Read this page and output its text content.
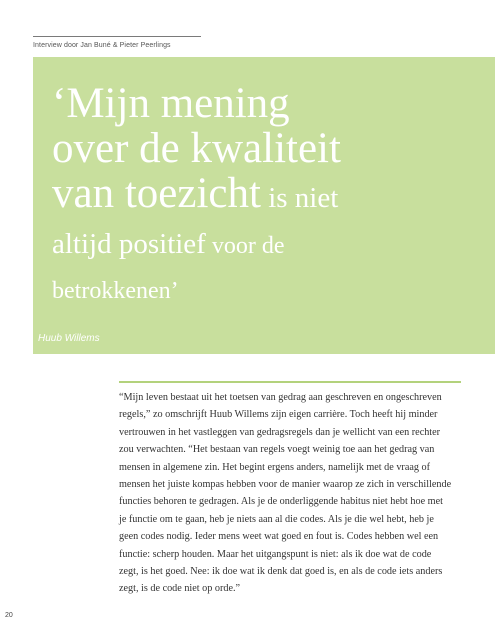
Interview door Jan Buné & Pieter Peerlings
‘Mijn mening
over de kwaliteit
van toezicht is niet
altijd positief voor de
betrokkenen’
Huub Willems
“Mijn leven bestaat uit het toetsen van gedrag aan geschreven en ongeschreven
regels,” zo omschrijft Huub Willems zijn eigen carrière. Toch heeft hij minder
vertrouwen in het vastleggen van gedragsregels dan je wellicht van een rechter
zou verwachten. “Het bestaan van regels voegt weinig toe aan het gedrag van
mensen in algemene zin. Het begint ergens anders, namelijk met de vraag of
mensen het juiste kompas hebben voor de manier waarop ze zich in verschillende
functies behoren te gedragen. Als je de onderliggende habitus niet hebt hoe met
je functie om te gaan, heb je niets aan al die codes. Als je die wel hebt, heb je
geen codes nodig. Ieder mens weet wat goed en fout is. Codes hebben wel een
functie: scherp houden. Maar het uitgangspunt is niet: als ik doe wat de code
zegt, is het goed. Nee: ik doe wat ik denk dat goed is, en als de code iets anders
zegt, is de code niet op orde.”
20
